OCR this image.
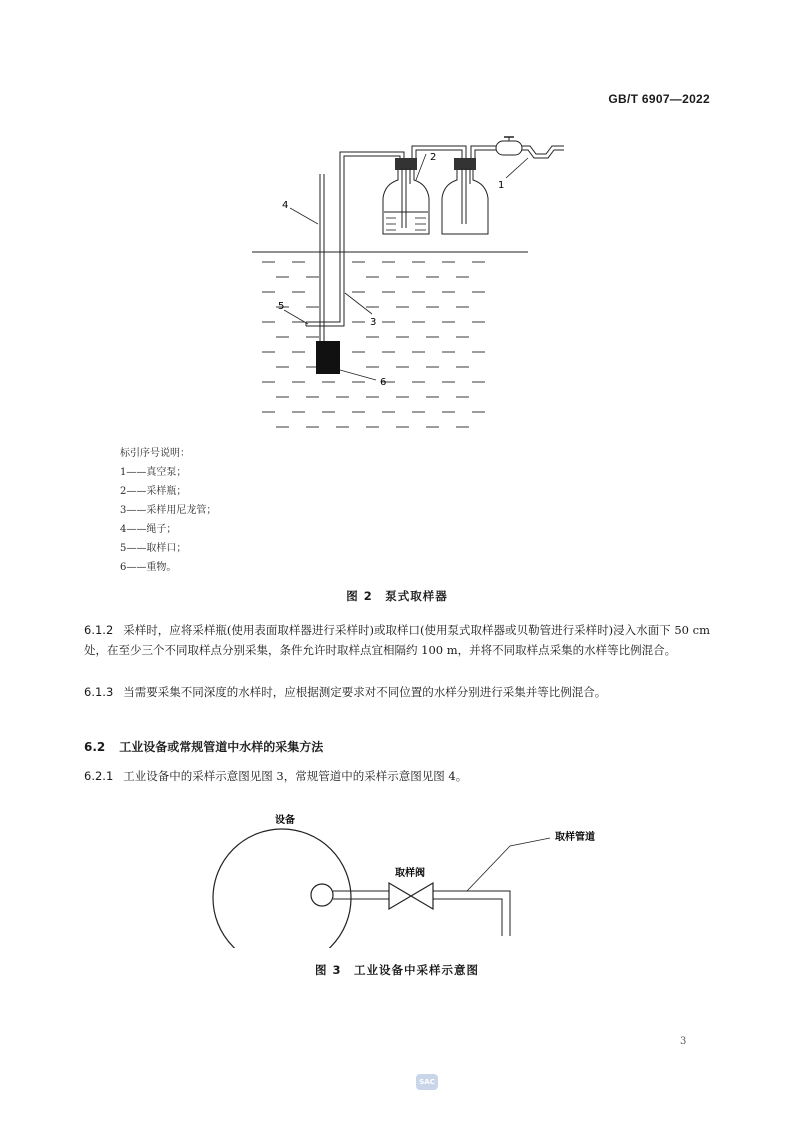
GB/T 6907—2022
1
2
3
4
5
6
标引序号说明：
1——真空泵；
2——采样瓶；
3——采样用尼龙管；
4——绳子；
5——取样口；
6——重物。
图 2　泵式取样器
6.1.2 采样时，应将采样瓶(使用表面取样器进行采样时)或取样口(使用泵式取样器或贝勒管进行采样时)浸入水面下 50 cm 处，在至少三个不同取样点分别采集，条件允许时取样点宜相隔约 100 m，并将不同取样点采集的水样等比例混合。
6.1.3 当需要采集不同深度的水样时，应根据测定要求对不同位置的水样分别进行采集并等比例混合。
6.2 工业设备或常规管道中水样的采集方法
6.2.1 工业设备中的采样示意图见图 3，常规管道中的采样示意图见图 4。
设备
取样阀
取样管道
图 3　工业设备中采样示意图
3
SAC
